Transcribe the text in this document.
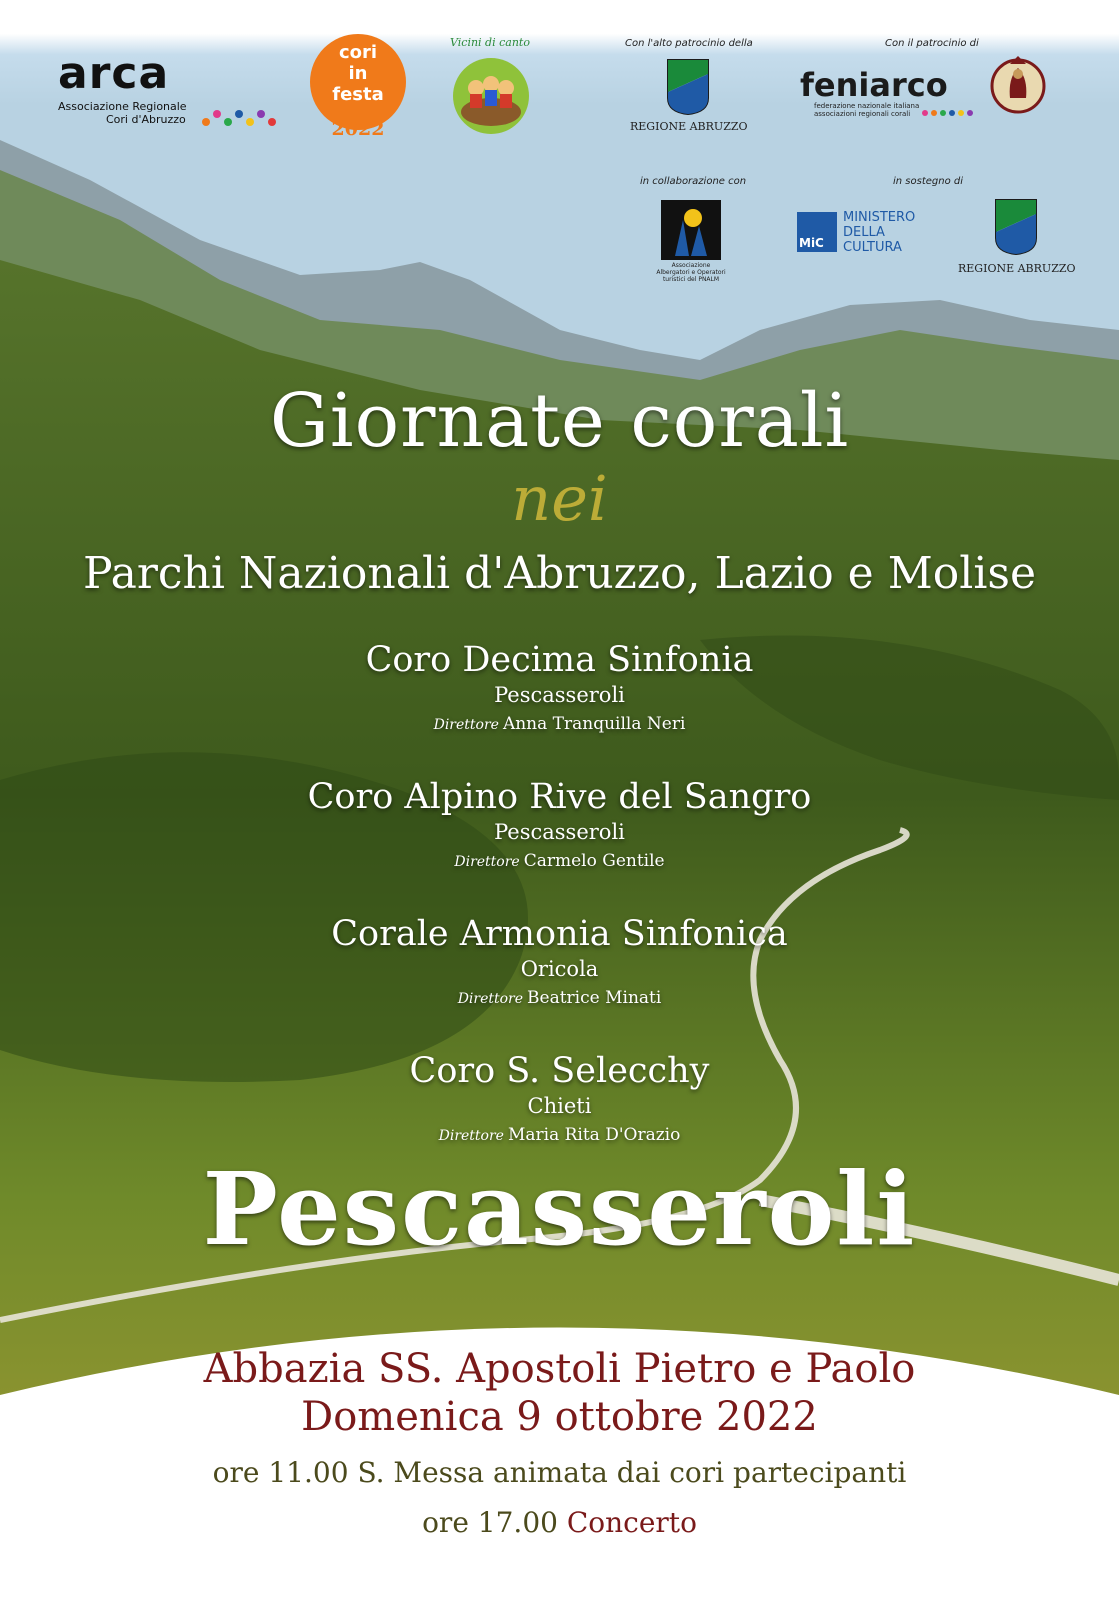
arca
Associazione Regionale
Cori d'Abruzzo
cori
in
festa
2022
Vicini di canto	Con l'alto patrocinio della
REGIONE ABRUZZO
Con il patrocinio di
feniarco
federazione nazionale italiana
associazioni regionali corali
in collaborazione con
Associazione
Albergatori e Operatori
turistici del PNALM
in sostegno di
MiC
MINISTERO
DELLA
CULTURA
REGIONE ABRUZZO
Giornate corali
nei
Parchi Nazionali d'Abruzzo, Lazio e Molise
Coro Decima Sinfonia
Pescasseroli
Direttore Anna Tranquilla Neri
Coro Alpino Rive del Sangro
Pescasseroli
Direttore Carmelo Gentile
Corale Armonia Sinfonica
Oricola
Direttore Beatrice Minati
Coro S. Selecchy
Chieti
Direttore Maria Rita D'Orazio
Pescasseroli
Abbazia SS. Apostoli Pietro e Paolo
Domenica 9 ottobre 2022
ore 11.00 S. Messa animata dai cori partecipanti
ore 17.00 Concerto
